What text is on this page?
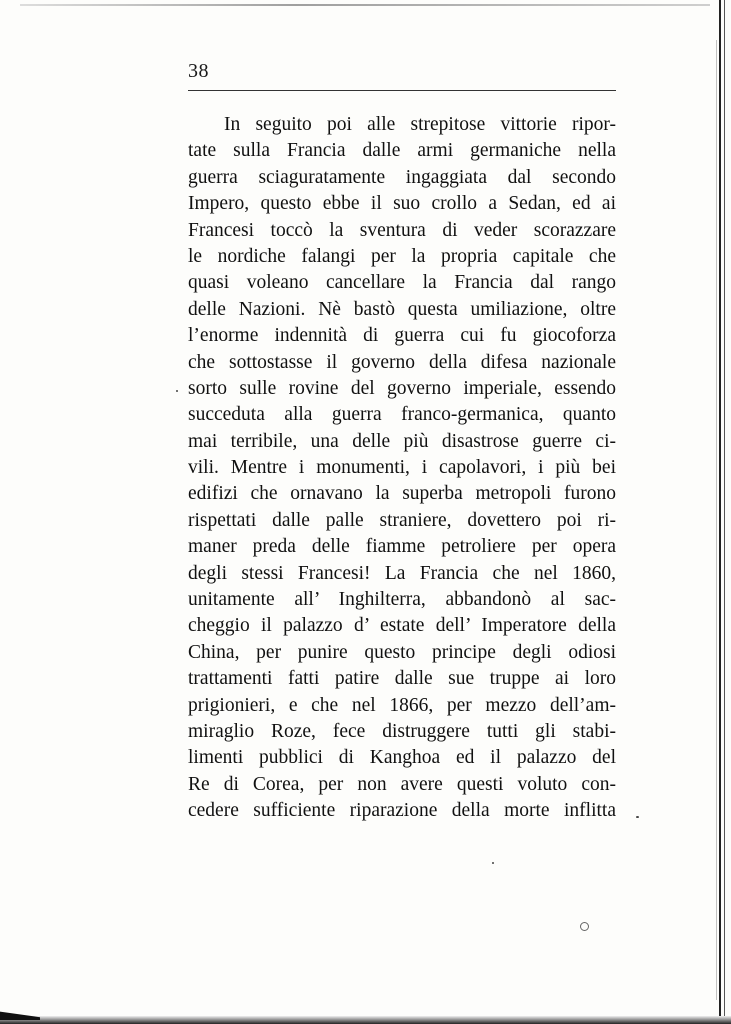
38
In seguito poi alle strepitose vittorie ripor-
tate sulla Francia dalle armi germaniche nella
guerra sciaguratamente ingaggiata dal secondo
Impero, questo ebbe il suo crollo a Sedan, ed ai
Francesi toccò la sventura di veder scorazzare
le nordiche falangi per la propria capitale che
quasi voleano cancellare la Francia dal rango
delle Nazioni. Nè bastò questa umiliazione, oltre
l’enorme indennità di guerra cui fu giocoforza
che sottostasse il governo della difesa nazionale
sorto sulle rovine del governo imperiale, essendo
succeduta alla guerra franco-germanica, quanto
mai terribile, una delle più disastrose guerre ci-
vili. Mentre i monumenti, i capolavori, i più bei
edifizi che ornavano la superba metropoli furono
rispettati dalle palle straniere, dovettero poi ri-
maner preda delle fiamme petroliere per opera
degli stessi Francesi! La Francia che nel 1860,
unitamente all’ Inghilterra, abbandonò al sac-
cheggio il palazzo d’ estate dell’ Imperatore della
China, per punire questo principe degli odiosi
trattamenti fatti patire dalle sue truppe ai loro
prigionieri, e che nel 1866, per mezzo dell’am-
miraglio Roze, fece distruggere tutti gli stabi-
limenti pubblici di Kanghoa ed il palazzo del
Re di Corea, per non avere questi voluto con-
cedere sufficiente riparazione della morte inflitta
